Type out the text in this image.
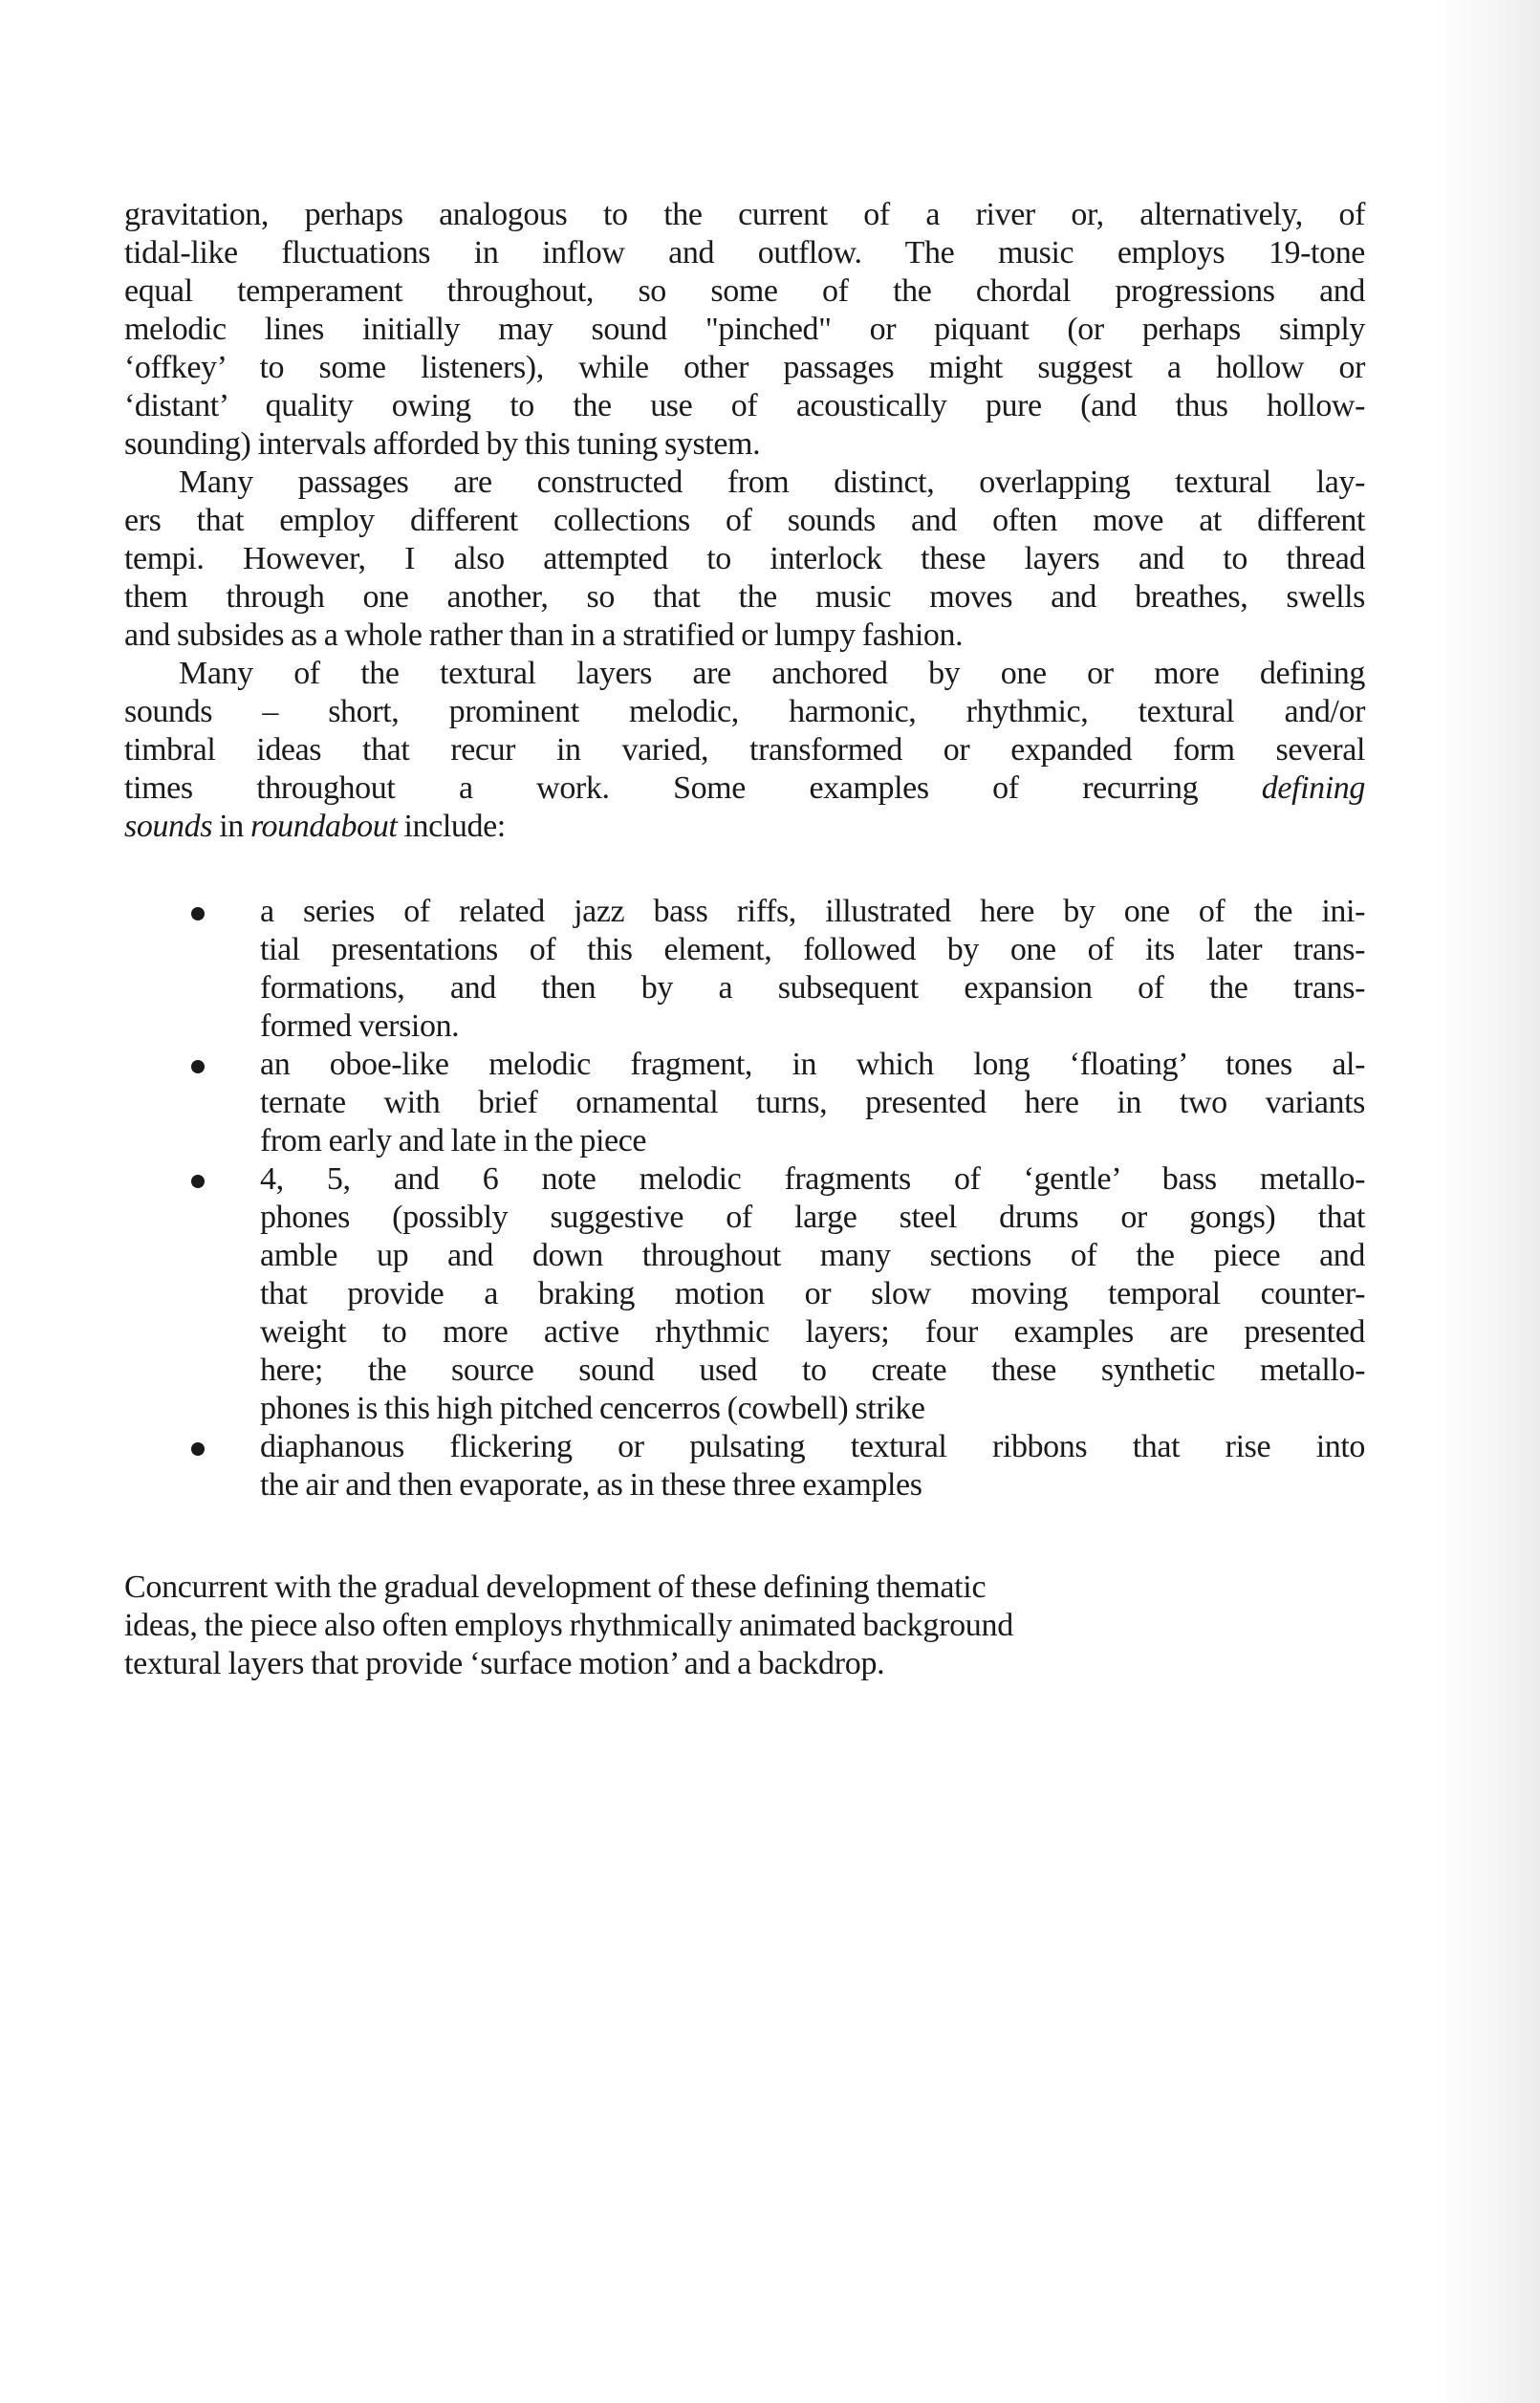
gravitation, perhaps analogous to the current of a river or, alternatively, of
tidal-like fluctuations in inflow and outflow. The music employs 19-tone
equal temperament throughout, so some of the chordal progressions and
melodic lines initially may sound "pinched" or piquant (or perhaps simply
‘offkey’ to some listeners), while other passages might suggest a hollow or
‘distant’ quality owing to the use of acoustically pure (and thus hollow-
sounding) intervals afforded by this tuning system.

Many passages are constructed from distinct, overlapping textural lay-
ers that employ different collections of sounds and often move at different
tempi. However, I also attempted to interlock these layers and to thread
them through one another, so that the music moves and breathes, swells
and subsides as a whole rather than in a stratified or lumpy fashion.

Many of the textural layers are anchored by one or more defining
sounds – short, prominent melodic, harmonic, rhythmic, textural and/or
timbral ideas that recur in varied, transformed or expanded form several
times throughout a work. Some examples of recurring defining
sounds in roundabout include:

a series of related jazz bass riffs, illustrated here by one of the ini-
tial presentations of this element, followed by one of its later trans-
formations, and then by a subsequent expansion of the trans-
formed version.
an oboe-like melodic fragment, in which long ‘floating’ tones al-
ternate with brief ornamental turns, presented here in two variants
from early and late in the piece
4, 5, and 6 note melodic fragments of ‘gentle’ bass metallo-
phones (possibly suggestive of large steel drums or gongs) that
amble up and down throughout many sections of the piece and
that provide a braking motion or slow moving temporal counter-
weight to more active rhythmic layers; four examples are presented
here; the source sound used to create these synthetic metallo-
phones is this high pitched cencerros (cowbell) strike
diaphanous flickering or pulsating textural ribbons that rise into
the air and then evaporate, as in these three examples

Concurrent with the gradual development of these defining thematic
ideas, the piece also often employs rhythmically animated background
textural layers that provide ‘surface motion’ and a backdrop.
